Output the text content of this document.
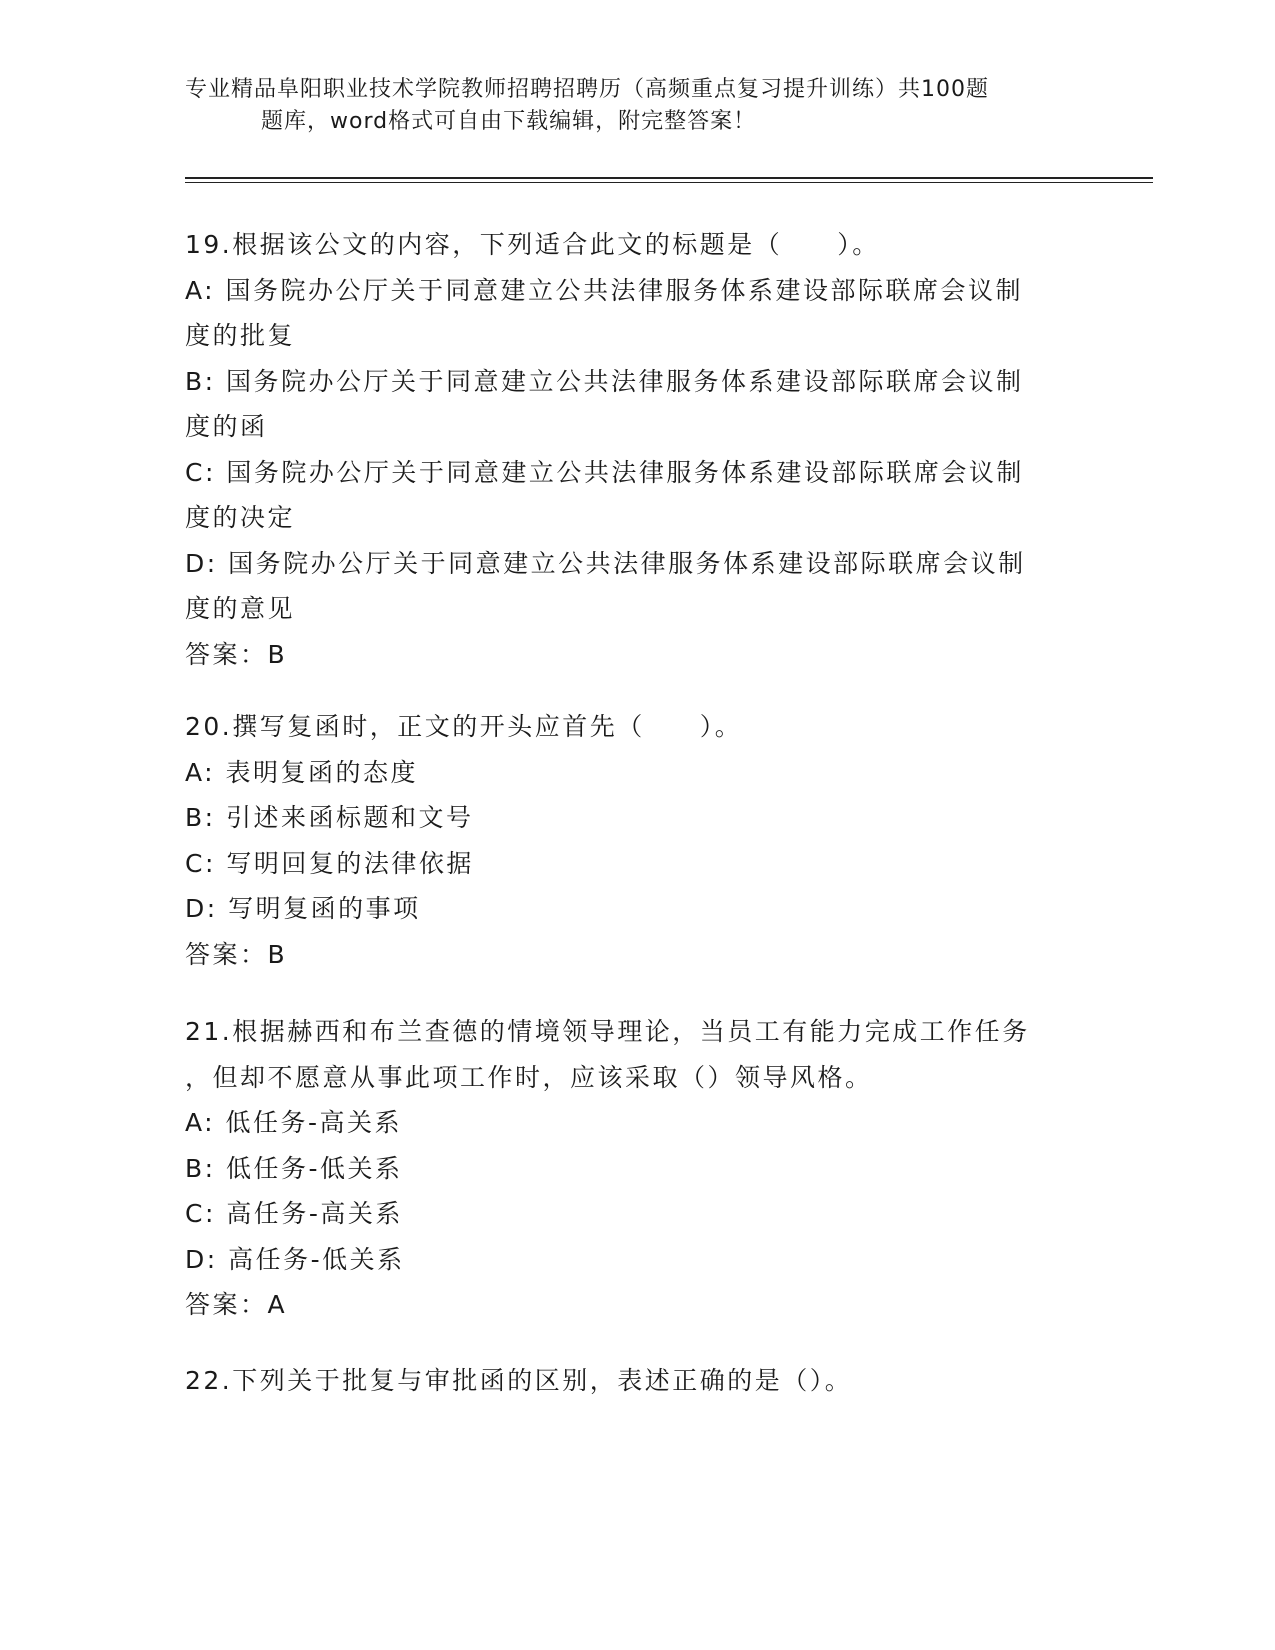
专业精品阜阳职业技术学院教师招聘招聘历（高频重点复习提升训练）共100题
题库，word格式可自由下载编辑，附完整答案！
19.根据该公文的内容，下列适合此文的标题是（　　）。
A: 国务院办公厅关于同意建立公共法律服务体系建设部际联席会议制
度的批复
B: 国务院办公厅关于同意建立公共法律服务体系建设部际联席会议制
度的函
C: 国务院办公厅关于同意建立公共法律服务体系建设部际联席会议制
度的决定
D: 国务院办公厅关于同意建立公共法律服务体系建设部际联席会议制
度的意见
答案：B
20.撰写复函时，正文的开头应首先（　　）。
A: 表明复函的态度
B: 引述来函标题和文号
C: 写明回复的法律依据
D: 写明复函的事项
答案：B
21.根据赫西和布兰查德的情境领导理论，当员工有能力完成工作任务
，但却不愿意从事此项工作时，应该采取（）领导风格。
A: 低任务-高关系
B: 低任务-低关系
C: 高任务-高关系
D: 高任务-低关系
答案：A
22.下列关于批复与审批函的区别，表述正确的是（）。
